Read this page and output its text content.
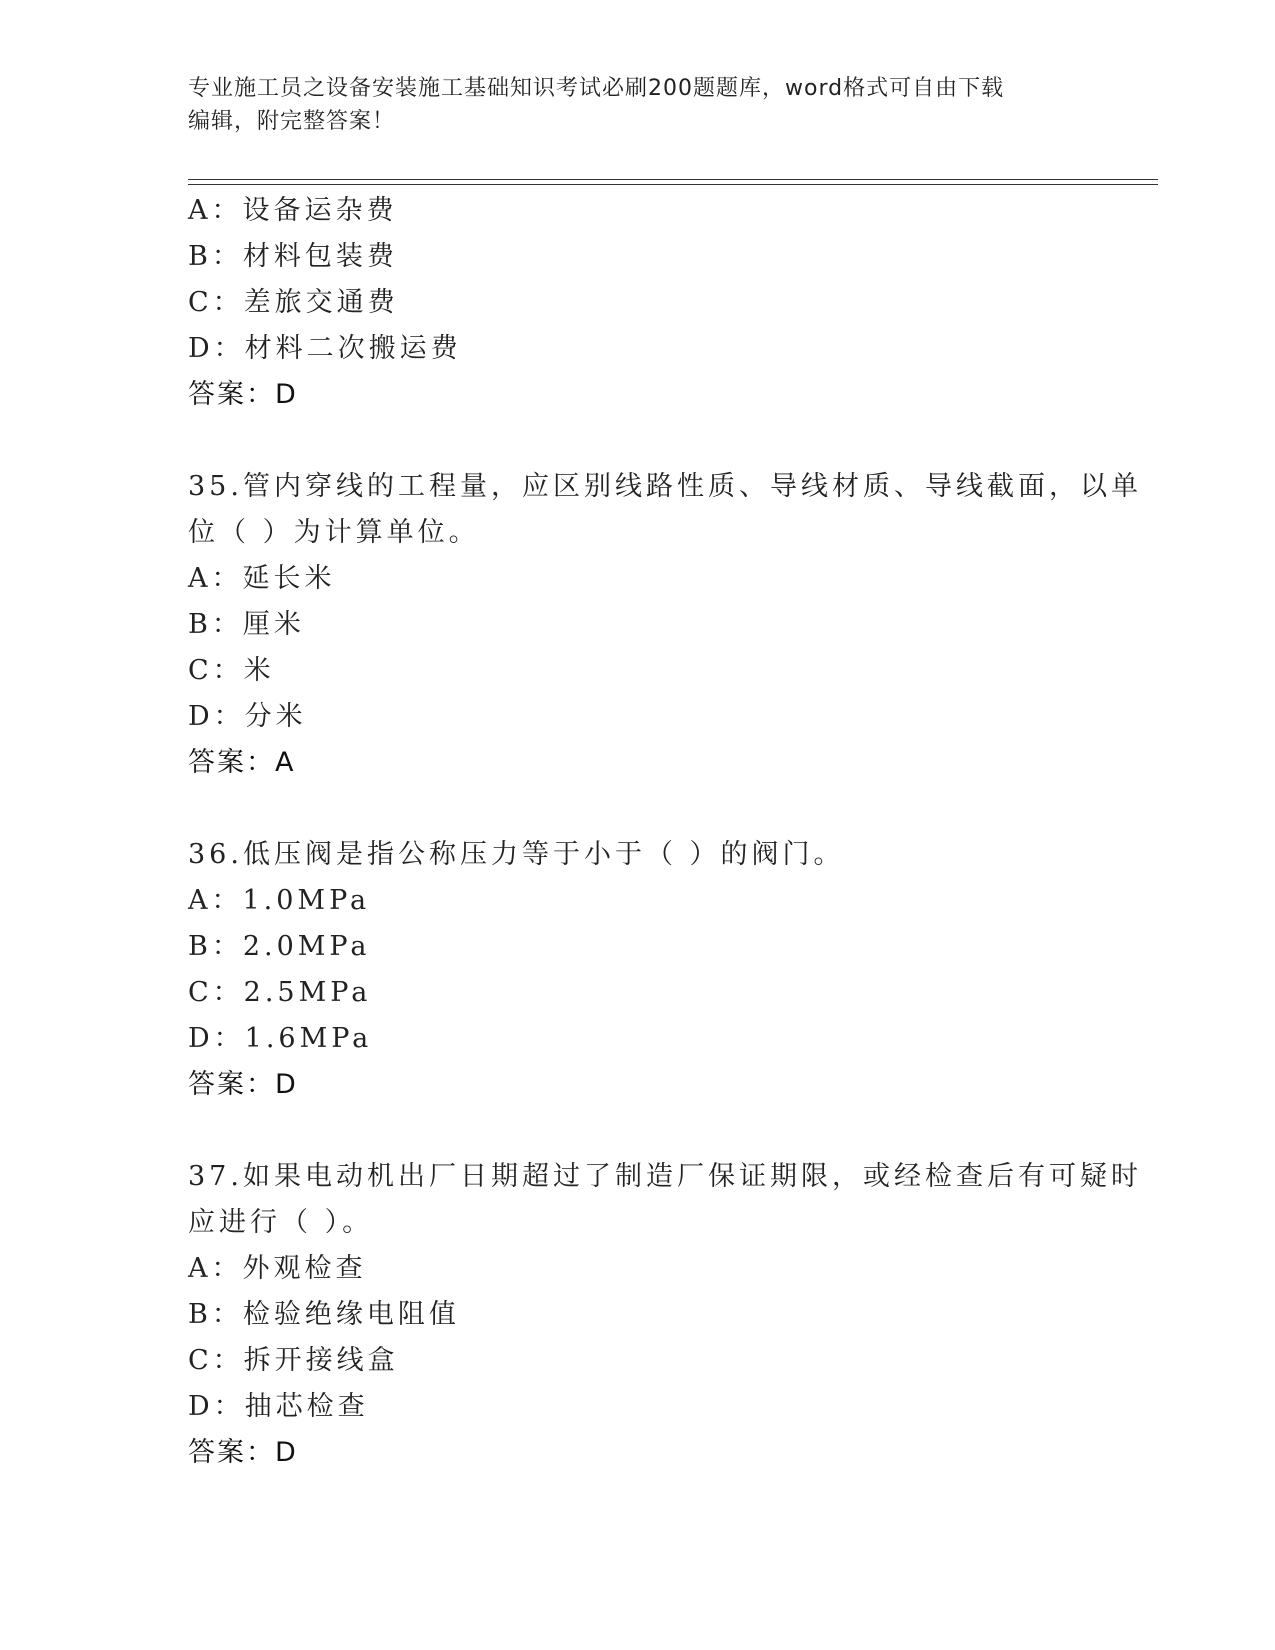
专业施工员之设备安装施工基础知识考试必刷200题题库，word格式可自由下载
编辑，附完整答案！
A：设备运杂费
B：材料包装费
C：差旅交通费
D：材料二次搬运费
答案：D
35.管内穿线的工程量，应区别线路性质、导线材质、导线截面，以单
位（ ）为计算单位。
A：延长米
B：厘米
C：米
D：分米
答案：A
36.低压阀是指公称压力等于小于（ ）的阀门。
A：1.0MPa
B：2.0MPa
C：2.5MPa
D：1.6MPa
答案：D
37.如果电动机出厂日期超过了制造厂保证期限，或经检查后有可疑时
应进行（ ）。
A：外观检查
B：检验绝缘电阻值
C：拆开接线盒
D：抽芯检查
答案：D
